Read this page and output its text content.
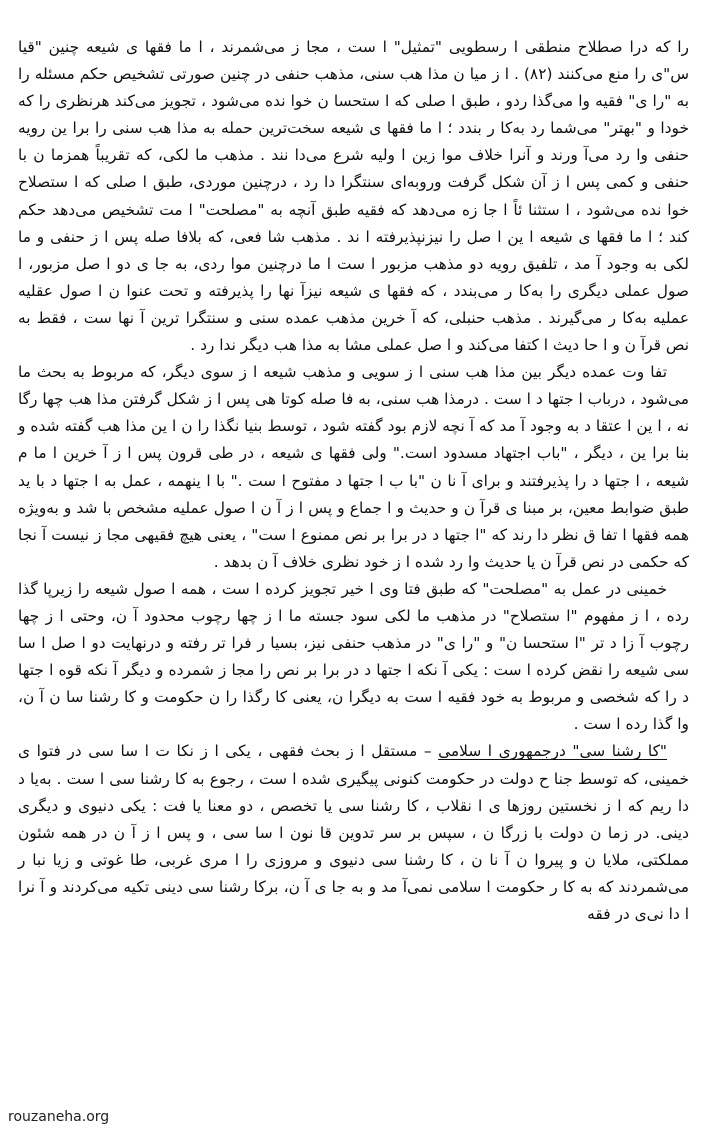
را که درا صطلاح منطقی ا رسطویی "تمثیل" ا ست ، مجا ز می‌شمرند ، ا ما فقها ی شیعه چنین "قیا س"ی را منع می‌کنند (۸۲) . ا ز میا ن مذا هب سنی، مذهب حنفی در چنین صورتی تشخیص حکم مسئله را به "را ی" فقیه وا می‌گذا ردو ، طبق ا صلی که ا ستحسا ن خوا نده می‌شود ، تجویز می‌کند هرنظری را که خودا و "بهتر" می‌شما رد به‌کا ر بندد ؛ ا ما فقها ی شیعه سخت‌ترین حمله به مذا هب سنی را برا ین رویه حنفی وا رد می‌آ ورند و آنرا خلاف موا زین ا ولیه شرع می‌دا نند . مذهب ما لکی، که تقریباً همزما ن با حنفی و کمی پس ا ز آن شکل گرفت وروبه‌ای سنتگرا دا رد ، درچنین موردی، طبق ا صلی که ا ستصلاح خوا نده می‌شود ، ا ستثنا ئاً ا جا زه می‌دهد که فقیه طبق آنچه به "مصلحت" ا مت تشخیص می‌دهد حکم کند ؛ ا ما فقها ی شیعه ا ین ا صل را نیزنپذیرفته ا ند . مذهب شا فعی، که بلافا صله پس ا ز حنفی و ما لکی به وجود آ مد ، تلفیق رویه دو مذهب مزبور ا ست ا ما درچنین موا ردی، به جا ی دو ا صل مزبور، ا صول عملی دیگری را به‌کا ر می‌بندد ، که فقها ی شیعه نیزآ نها را پذیرفته و تحت عنوا ن ا صول عقلیه عملیه به‌کا ر می‌گیرند . مذهب حنبلی، که آ خرین مذهب عمده سنی و سنتگرا ترین آ نها ست ، فقط به نص قرآ ن و ا حا دیث ا کتفا می‌کند و ا صل عملی مشا به مذا هب دیگر ندا رد .

تفا وت عمده دیگر بین مذا هب سنی ا ز سویی و مذهب شیعه ا ز سوی دیگر، که مربوط به بحث ما می‌شود ، درباب ا جتها د ا ست . درمذا هب سنی، به فا صله کوتا هی پس ا ز شکل گرفتن مذا هب چها رگا نه ، ا ین ا عتقا د به وجود آ مد که آ نچه لازم بود گفته شود ، توسط بنیا نگذا را ن ا ین مذا هب گفته شده و بنا برا ین ، دیگر ، "باب اجتهاد مسدود است." ولی فقها ی شیعه ، در طی قرون پس ا ز آ خرین ا ما م شیعه ، ا جتها د را پذیرفتند و برای آ نا ن "با ب ا جتها د مفتوح ا ست ." با ا ینهمه ، عمل به ا جتها د با ید طبق ضوابط معین، بر مبنا ی قرآ ن و حدیث و ا جماع و پس ا ز آ ن ا صول عملیه مشخص با شد و به‌ویژه همه فقها ا تفا ق نظر دا رند که "ا جتها د در برا بر نص ممنوع ا ست" ، یعنی هیچ فقیهی مجا ز نیست آ نجا که حکمی در نص قرآ ن یا حدیث وا رد شده ا ز خود نظری خلاف آ ن بدهد .

خمینی در عمل به "مصلحت" که طبق فتا وی ا خیر تجویز کرده ا ست ، همه ا صول شیعه را زیرپا گذا رده ، ا ز مفهوم "ا ستصلاح" در مذهب ما لکی سود جسته ما ا ز چها رچوب محدود آ ن، وحتی ا ز چها رچوب آ زا د تر "ا ستحسا ن" و "را ی" در مذهب حنفی نیز، بسیا ر فرا تر رفته و درنهایت دو ا صل ا سا سی شیعه را نقض کرده ا ست : یکی آ نکه ا جتها د در برا بر نص را مجا ز شمرده و دیگر آ نکه قوه ا جتها د را که شخصی و مربوط به خود فقیه ا ست به دیگرا ن، یعنی کا رگذا را ن حکومت و کا رشنا سا ن آ ن، وا گذا رده ا ست .

"کا رشنا سی" درجمهوری ا سلامی – مستقل ا ز بحث فقهی ، یکی ا ز نکا ت ا سا سی در فتوا ی خمینی، که توسط جنا ح دولت در حکومت کنونی پیگیری شده ا ست ، رجوع به کا رشنا سی ا ست . به‌یا د دا ریم که ا ز نخستین روزها ی ا نقلاب ، کا رشنا سی یا تخصص ، دو معنا یا فت : یکی دنیوی و دیگری دینی. در زما ن دولت با زرگا ن ، سپس بر سر تدوین قا نون ا سا سی ، و پس ا ز آ ن در همه شئون مملکتی، ملایا ن و پیروا ن آ نا ن ، کا رشنا سی دنیوی و مروزی را ا مری غربی، طا غوتی و زیا نبا ر می‌شمردند که به کا ر حکومت ا سلامی نمی‌آ مد و به جا ی آ ن، برکا رشنا سی دینی تکیه می‌کردند و آ نرا ا دا نی‌ی در فقه

rouzaneha.org
